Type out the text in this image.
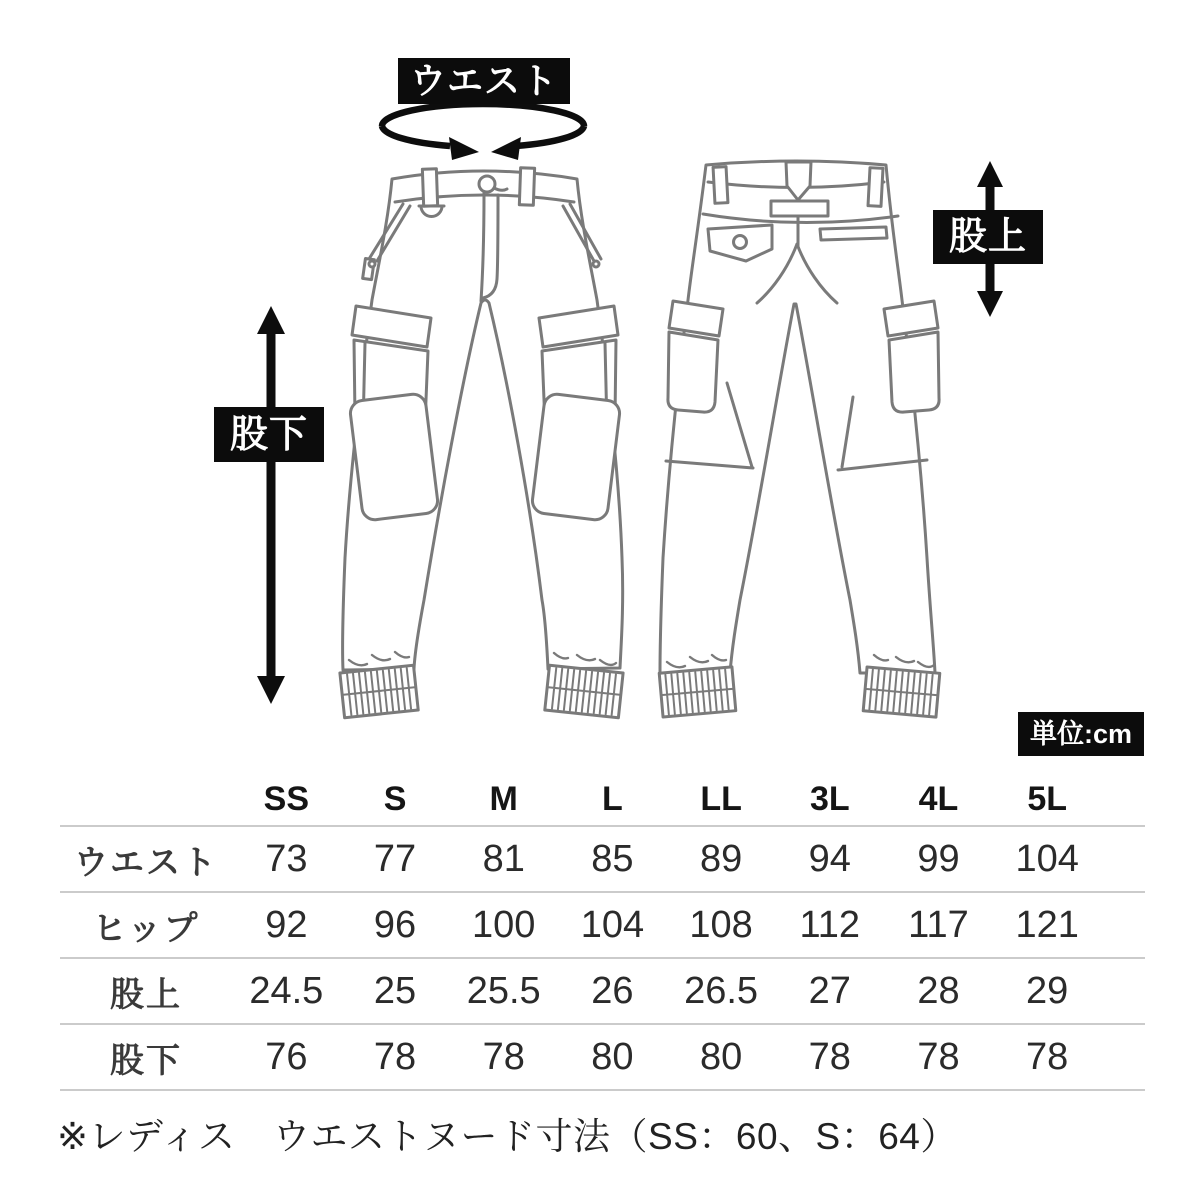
ウエスト
股上
股下
単位:cm
SS	S	M	L	LL	3L	4L	5L
ウエスト	73	77	81	85	89	94	99	104
ヒップ	92	96	100	104	108	112	117	121
股上	24.5	25	25.5	26	26.5	27	28	29
股下	76	78	78	80	80	78	78	78
※レディス　ウエストヌード寸法（SS：60、S：64）
